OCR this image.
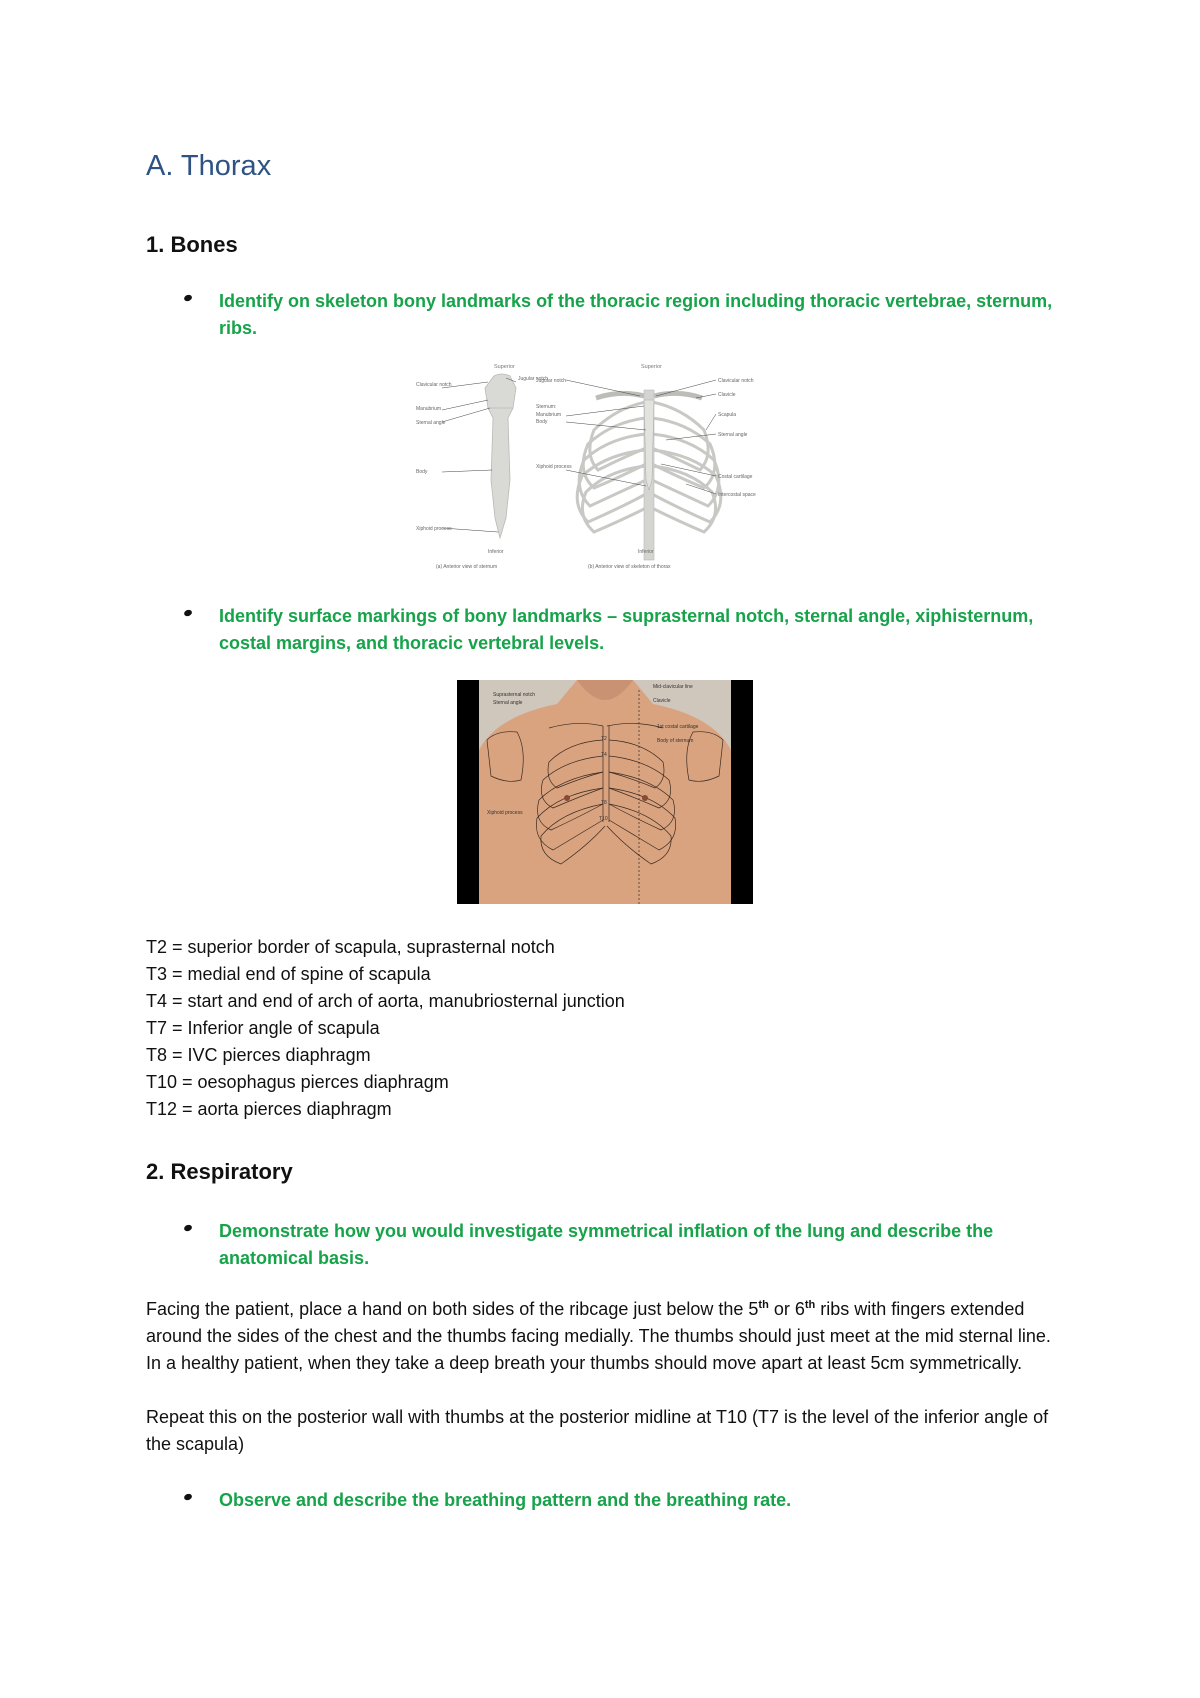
A. Thorax
1. Bones
Identify on skeleton bony landmarks of the thoracic region including thoracic vertebrae, sternum, ribs.
Superior	Superior
Clavicular notch
Jugular notch
Manubrium
Sternal angle
Body
Xiphoid process
Inferior
(a) Anterior view of sternum
Jugular notch
Sternum:
Manubrium
Body
Xiphoid process
Clavicular notch
Clavicle
Scapula
Sternal angle
Costal cartilage
Intercostal space
Inferior
(b) Anterior view of skeleton of thorax
Identify surface markings of bony landmarks – suprasternal notch, sternal angle, xiphisternum, costal margins, and thoracic vertebral levels.
Suprasternal notch
Sternal angle
Mid-clavicular line
Clavicle
1st costal cartilage
Body of sternum
Xiphoid process
T2
T4
T8
T10
T2 = superior border of scapula, suprasternal notch
T3 = medial end of spine of scapula
T4 = start and end of arch of aorta, manubriosternal junction
T7 = Inferior angle of scapula
T8 = IVC pierces diaphragm
T10 = oesophagus pierces diaphragm
T12 = aorta pierces diaphragm
2. Respiratory
Demonstrate how you would investigate symmetrical inflation of the lung and describe the anatomical basis.
Facing the patient, place a hand on both sides of the ribcage just below the 5th or 6th ribs with fingers extended around the sides of the chest and the thumbs facing medially. The thumbs should just meet at the mid sternal line. In a healthy patient, when they take a deep breath your thumbs should move apart at least 5cm symmetrically.
Repeat this on the posterior wall with thumbs at the posterior midline at T10 (T7 is the level of the inferior angle of the scapula)
Observe and describe the breathing pattern and the breathing rate.
